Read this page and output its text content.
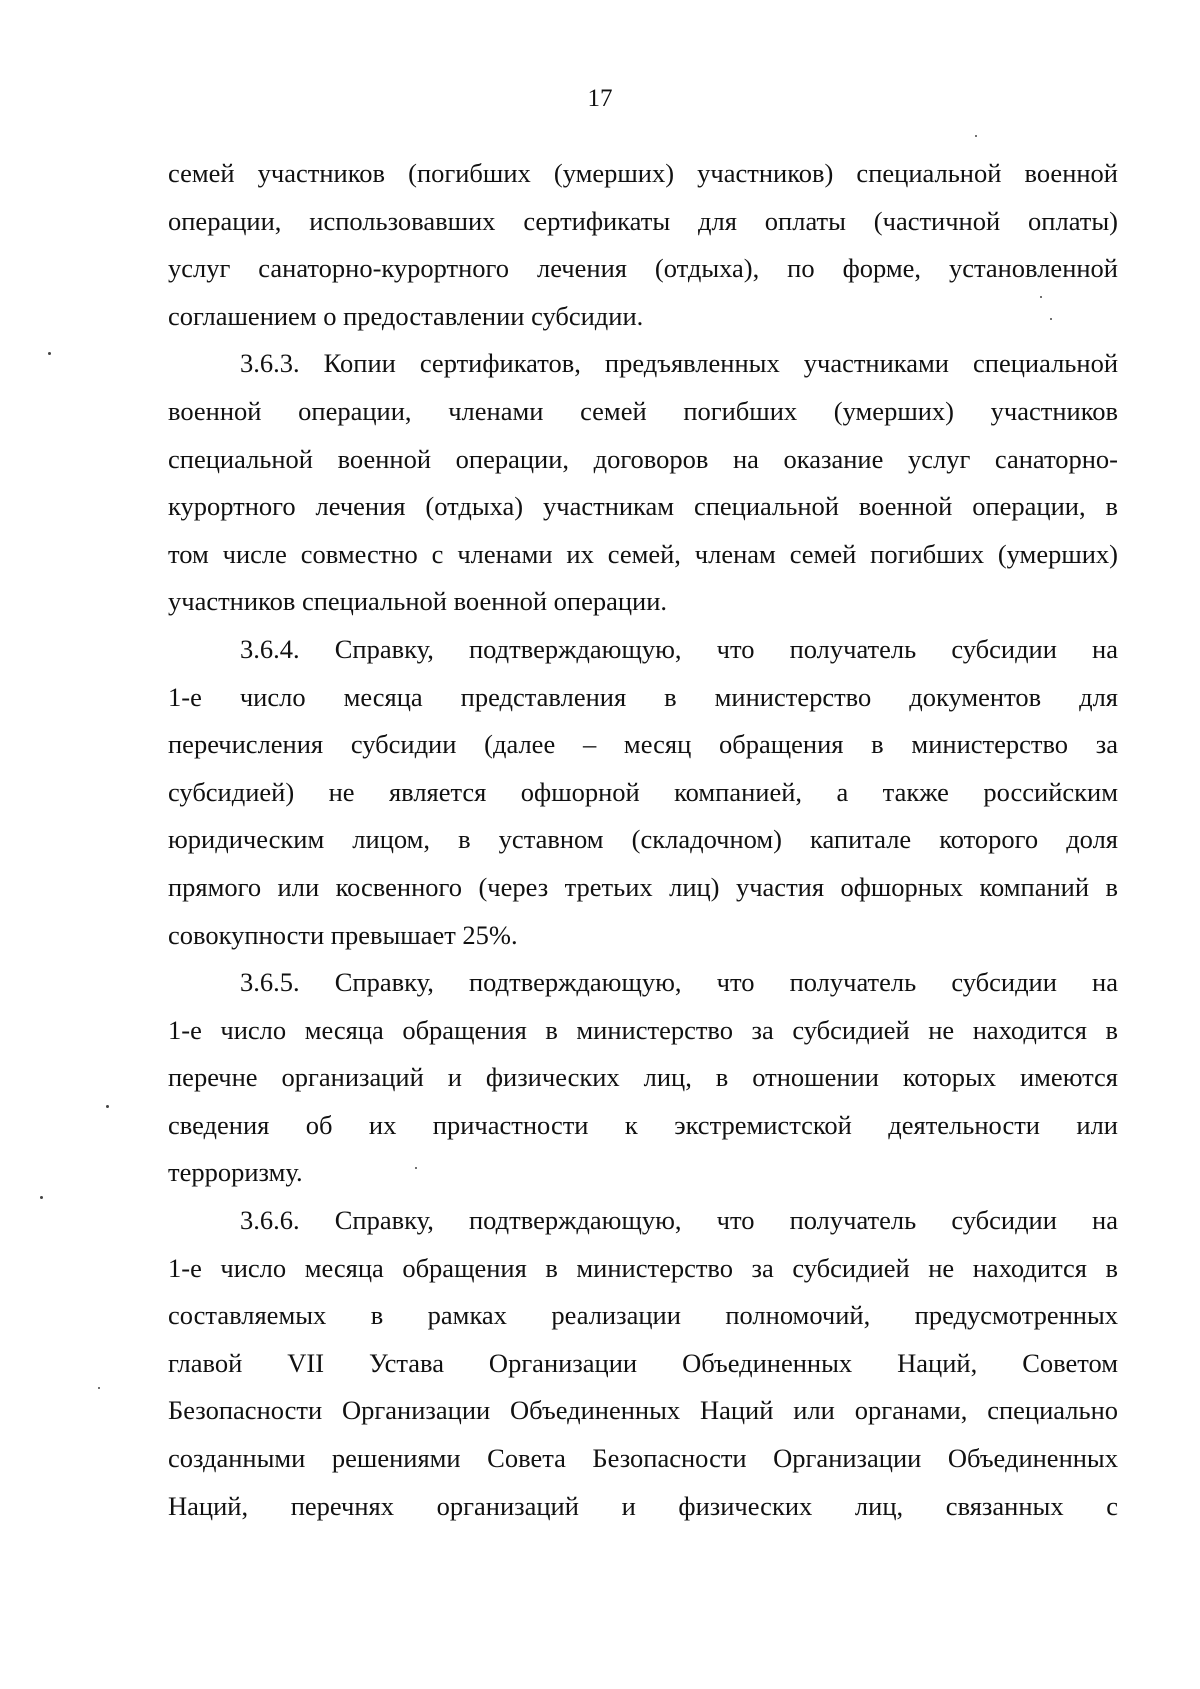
17
семей участников (погибших (умерших) участников) специальной военной
операции, использовавших сертификаты для оплаты (частичной оплаты)
услуг санаторно-курортного лечения (отдыха), по форме, установленной
соглашением о предоставлении субсидии.
3.6.3. Копии сертификатов, предъявленных участниками специальной
военной операции, членами семей погибших (умерших) участников
специальной военной операции, договоров на оказание услуг санаторно-
курортного лечения (отдыха) участникам специальной военной операции, в
том числе совместно с членами их семей, членам семей погибших (умерших)
участников специальной военной операции.
3.6.4. Справку, подтверждающую, что получатель субсидии на
1-е число месяца представления в министерство документов для
перечисления субсидии (далее – месяц обращения в министерство за
субсидией) не является офшорной компанией, а также российским
юридическим лицом, в уставном (складочном) капитале которого доля
прямого или косвенного (через третьих лиц) участия офшорных компаний в
совокупности превышает 25%.
3.6.5. Справку, подтверждающую, что получатель субсидии на
1-е число месяца обращения в министерство за субсидией не находится в
перечне организаций и физических лиц, в отношении которых имеются
сведения об их причастности к экстремистской деятельности или
терроризму.
3.6.6. Справку, подтверждающую, что получатель субсидии на
1-е число месяца обращения в министерство за субсидией не находится в
составляемых в рамках реализации полномочий, предусмотренных
главой VII Устава Организации Объединенных Наций, Советом
Безопасности Организации Объединенных Наций или органами, специально
созданными решениями Совета Безопасности Организации Объединенных
Наций, перечнях организаций и физических лиц, связанных с
